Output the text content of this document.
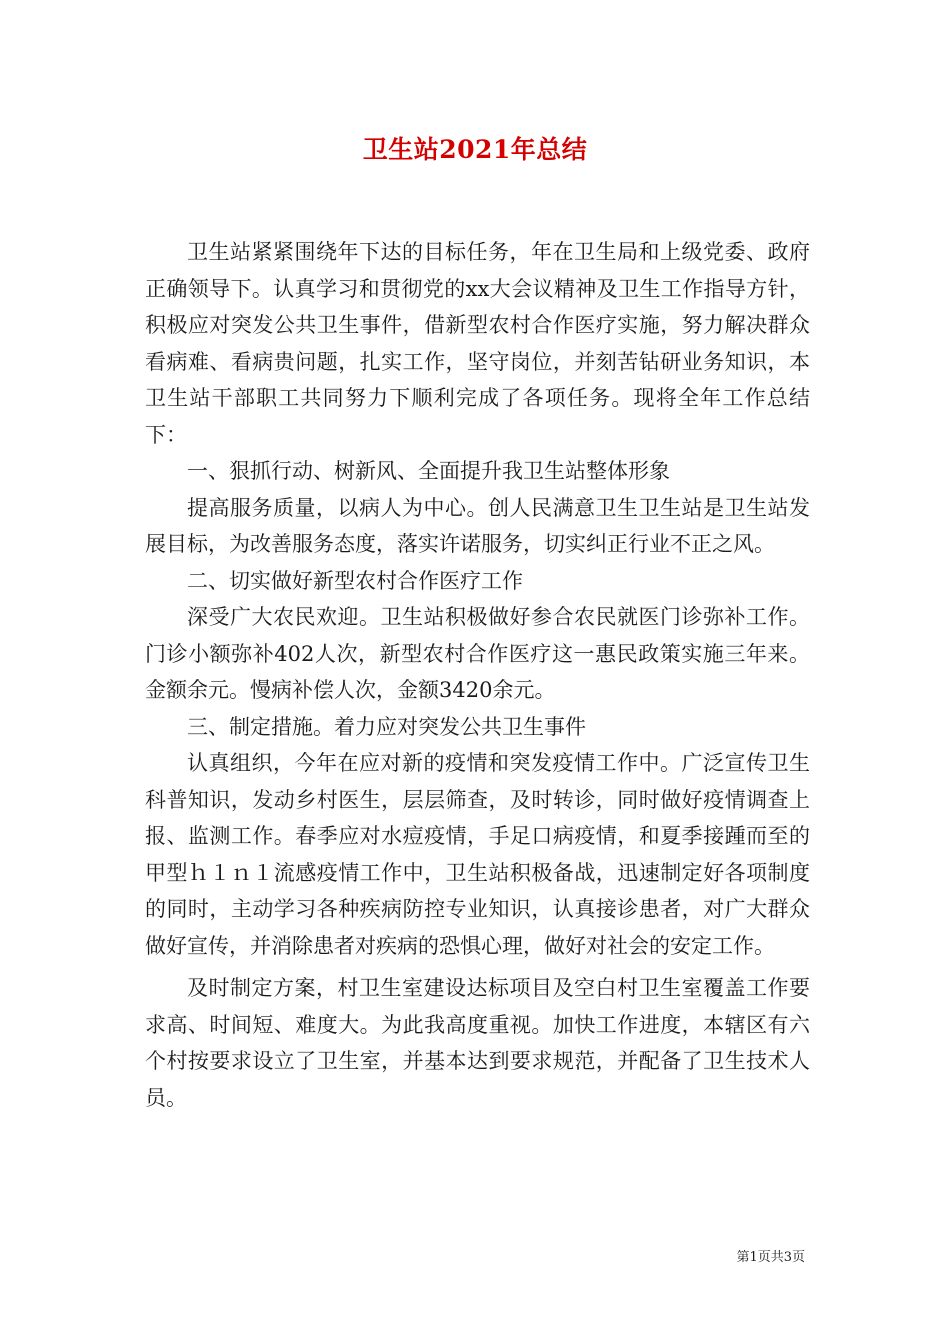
卫生站2021年总结

卫生站紧紧围绕年下达的目标任务，年在卫生局和上级党委、政府正确领导下。认真学习和贯彻党的xx大会议精神及卫生工作指导方针，积极应对突发公共卫生事件，借新型农村合作医疗实施，努力解决群众看病难、看病贵问题，扎实工作，坚守岗位，并刻苦钻研业务知识，本卫生站干部职工共同努力下顺利完成了各项任务。现将全年工作总结下：

一、狠抓行动、树新风、全面提升我卫生站整体形象

提高服务质量，以病人为中心。创人民满意卫生卫生站是卫生站发展目标，为改善服务态度，落实许诺服务，切实纠正行业不正之风。

二、切实做好新型农村合作医疗工作

深受广大农民欢迎。卫生站积极做好参合农民就医门诊弥补工作。门诊小额弥补402人次，新型农村合作医疗这一惠民政策实施三年来。金额余元。慢病补偿人次，金额3420余元。

三、制定措施。着力应对突发公共卫生事件

认真组织，今年在应对新的疫情和突发疫情工作中。广泛宣传卫生科普知识，发动乡村医生，层层筛查，及时转诊，同时做好疫情调查上报、监测工作。春季应对水痘疫情，手足口病疫情，和夏季接踵而至的甲型ｈ１ｎ１流感疫情工作中，卫生站积极备战，迅速制定好各项制度的同时，主动学习各种疾病防控专业知识，认真接诊患者，对广大群众做好宣传，并消除患者对疾病的恐惧心理，做好对社会的安定工作。

及时制定方案，村卫生室建设达标项目及空白村卫生室覆盖工作要求高、时间短、难度大。为此我高度重视。加快工作进度，本辖区有六个村按要求设立了卫生室，并基本达到要求规范，并配备了卫生技术人员。

第1页共3页
